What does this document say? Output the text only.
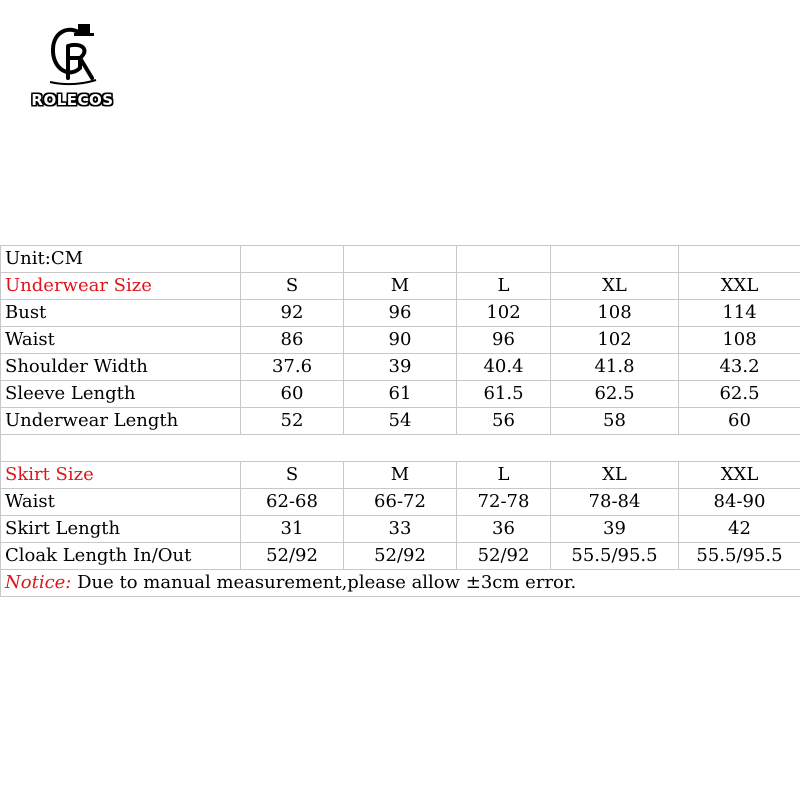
ROLECOS
Unit:CM					
Underwear Size	S	M	L	XL	XXL
Bust	92	96	102	108	114
Waist	86	90	96	102	108
Shoulder Width	37.6	39	40.4	41.8	43.2
Sleeve Length	60	61	61.5	62.5	62.5
Underwear Length	52	54	56	58	60

Skirt Size	S	M	L	XL	XXL
Waist	62-68	66-72	72-78	78-84	84-90
Skirt Length	31	33	36	39	42
Cloak Length In/Out	52/92	52/92	52/92	55.5/95.5	55.5/95.5
Notice: Due to manual measurement,please allow ±3cm error.					
